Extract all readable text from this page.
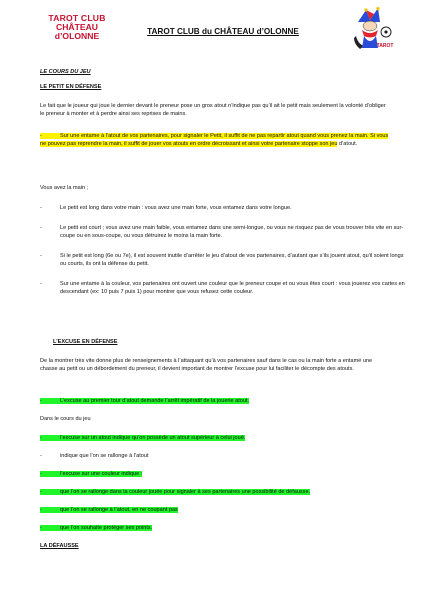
TAROT CLUB
CHÂTEAU d’OLONNE	TAROT CLUB du CHÂTEAU d’OLONNE
TAROT

LE COURS DU JEU

LE PETIT EN DÉFENSE

Le fait que le joueur qui joue le dernier devant le preneur pose un gros atout n’indique pas qu’il ait le petit mais seulement la volonté d’obliger le preneur à monter et à perdre ainsi ses reprises de mains.

-	Sur une entame à l’atout de vos partenaires, pour signaler le Petit, il suffit de ne pas repartir atout quand vous prenez la main. Si vous ne pouvez pas reprendre la main, il suffit de jouer vos atouts en ordre décroissant et ainsi votre partenaire stoppe son jeu d’atout.

Vous avez la main ;

-	Le petit est long dans votre main : vous avez une main forte, vous entamez dans votre longue.

-	Le petit est court ; vous avez une main faible, vous entamez dans une semi-longue, ou vous ne risquez pas de vous trouver très vite en sur-coupe ou en sous-coupe, ou vous détruirez le moins la main forte.

-	Si le petit est long (6e ou 7e), il est souvent inutile d’arrêter le jeu d’atout de vos partenaires, d’autant que s’ils jouent atout, qu’il soient longs ou courts, ils ont la défense du petit.

-	Sur une entame à la couleur, vos partenaires ont ouvert une couleur que le preneur coupe et ou vous êtes court : vous jouerez vos cartes en descendant (ex: 10 puis 7 puis 1) pour montrer que vous refusez cette couleur.

L’EXCUSE EN DÉFENSE

De la montrer très vite donne plus de renseignements à l’attaquant qu’à vos partenaires sauf dans le cas ou la main forte a entamé une chasse au petit ou un débordement du preneur, il devient important de montrer l’excuse pour lui faciliter le décompte des atouts.

-	L’excuse au premier tour d’atout demande l’arrêt impératif de la jouerie atout.

Dans le cours du jeu

-	l’excuse sur un atout indique qu’on possède un atout supérieur à celui joué.

-	indique que l’on se rallonge à l’atout

-	l’excuse sur une couleur indique :

-	que l’on se rallonge dans la couleur jouée pour signaler à ses partenaires une possibilité de défausse.

-	que l’on se rallonge à l’atout, en ne coupant pas

-	que l’on souhaite protéger ses points.

LA DÉFAUSSE
